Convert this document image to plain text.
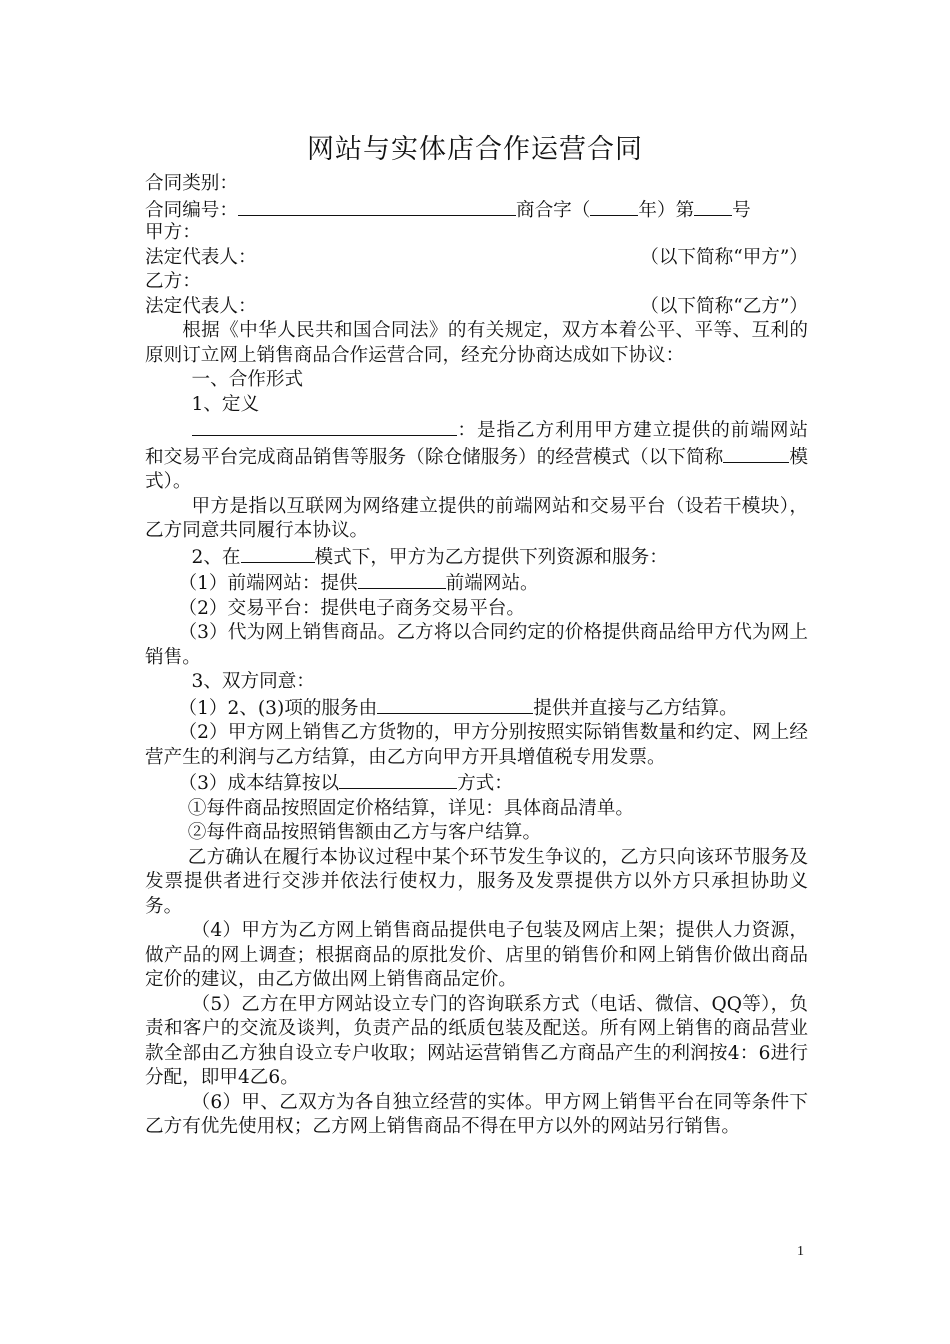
网站与实体店合作运营合同
合同类别：
合同编号：	商合字（	年）第 号
甲方：
法定代表人：	（以下简称“甲方”）
乙方：
法定代表人：	（以下简称“乙方”）
根据《中华人民共和国合同法》的有关规定，双方本着公平、平等、互利的原则订立网上销售商品合作运营合同，经充分协商达成如下协议：
一、合作形式
1、定义
：是指乙方利用甲方建立提供的前端网站和交易平台完成商品销售等服务（除仓储服务）的经营模式（以下简称	模式）。
甲方是指以互联网为网络建立提供的前端网站和交易平台（设若干模块），乙方同意共同履行本协议。
2、在	模式下，甲方为乙方提供下列资源和服务：
（1）前端网站：提供	前端网站。
（2）交易平台：提供电子商务交易平台。
（3）代为网上销售商品。乙方将以合同约定的价格提供商品给甲方代为网上销售。
3、双方同意：
（1）2、(3)项的服务由	提供并直接与乙方结算。
（2）甲方网上销售乙方货物的，甲方分别按照实际销售数量和约定、网上经营产生的利润与乙方结算，由乙方向甲方开具增值税专用发票。
（3）成本结算按以	方式：
①每件商品按照固定价格结算，详见：具体商品清单。
②每件商品按照销售额由乙方与客户结算。
乙方确认在履行本协议过程中某个环节发生争议的，乙方只向该环节服务及发票提供者进行交涉并依法行使权力，服务及发票提供方以外方只承担协助义务。
（4）甲方为乙方网上销售商品提供电子包装及网店上架；提供人力资源，做产品的网上调查；根据商品的原批发价、店里的销售价和网上销售价做出商品定价的建议，由乙方做出网上销售商品定价。
（5）乙方在甲方网站设立专门的咨询联系方式（电话、微信、QQ等），负责和客户的交流及谈判，负责产品的纸质包装及配送。所有网上销售的商品营业款全部由乙方独自设立专户收取；网站运营销售乙方商品产生的利润按4：6进行分配，即甲4乙6。
（6）甲、乙双方为各自独立经营的实体。甲方网上销售平台在同等条件下乙方有优先使用权；乙方网上销售商品不得在甲方以外的网站另行销售。
1
